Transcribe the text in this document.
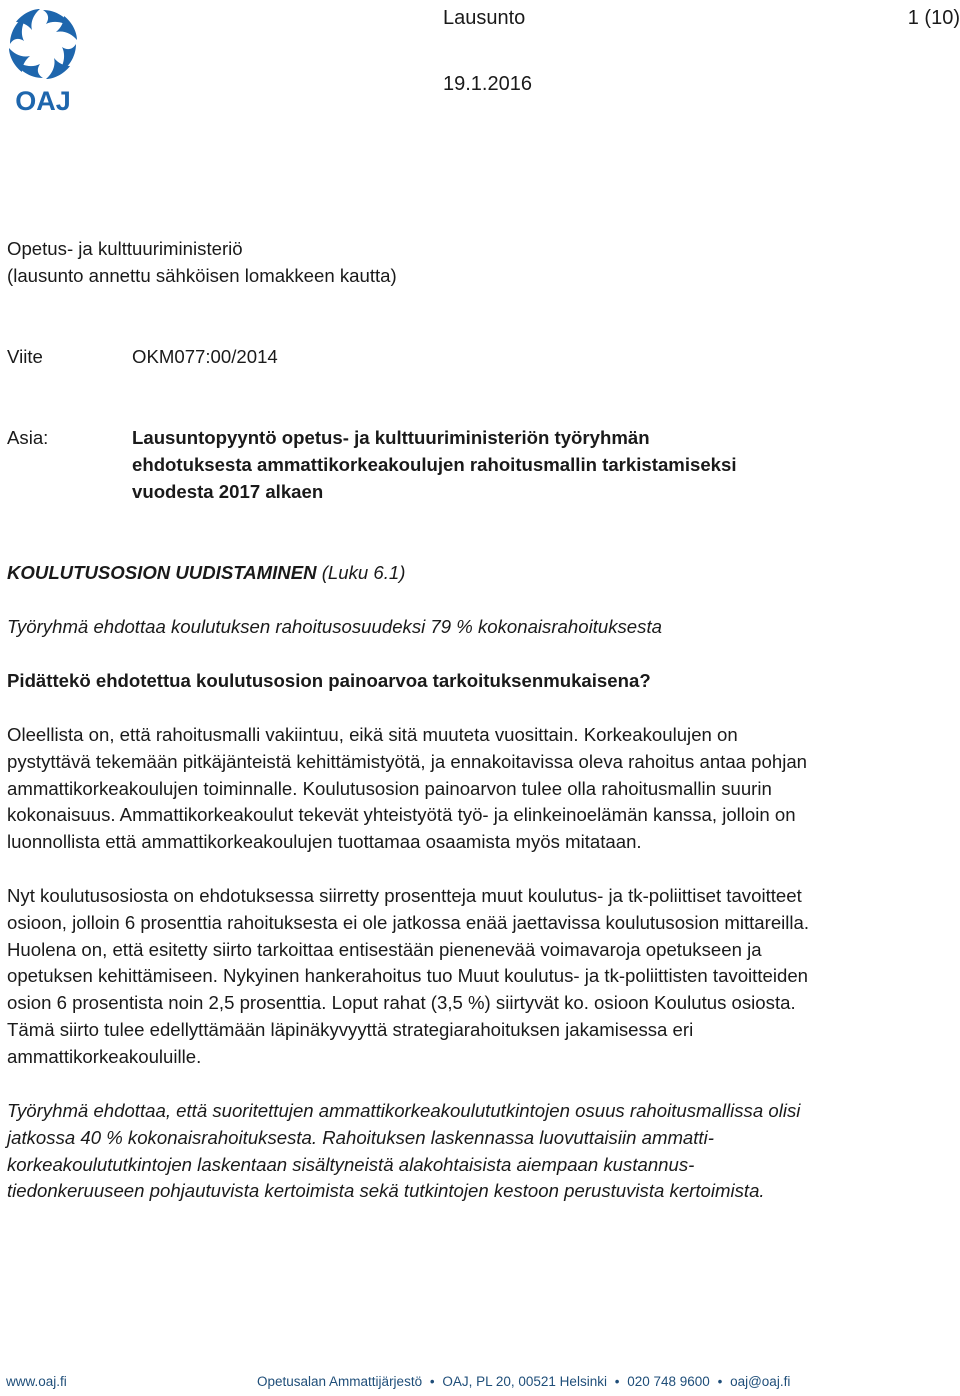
OAJ
Lausunto	1 (10)
19.1.2016
Opetus- ja kulttuuriministeriö
(lausunto annettu sähköisen lomakkeen kautta)
Viite	OKM077:00/2014
Asia:	Lausuntopyyntö opetus- ja kulttuuriministeriön työryhmän
ehdotuksesta ammattikorkeakoulujen rahoitusmallin tarkistamiseksi
vuodesta 2017 alkaen
KOULUTUSOSION UUDISTAMINEN (Luku 6.1)
Työryhmä ehdottaa koulutuksen rahoitusosuudeksi 79 % kokonaisrahoituksesta
Pidättekö ehdotettua koulutusosion painoarvoa tarkoituksenmukaisena?
Oleellista on, että rahoitusmalli vakiintuu, eikä sitä muuteta vuosittain. Korkeakoulujen on
pystyttävä tekemään pitkäjänteistä kehittämistyötä, ja ennakoitavissa oleva rahoitus antaa pohjan
ammattikorkeakoulujen toiminnalle. Koulutusosion painoarvon tulee olla rahoitusmallin suurin
kokonaisuus. Ammattikorkeakoulut tekevät yhteistyötä työ- ja elinkeinoelämän kanssa, jolloin on
luonnollista että ammattikorkeakoulujen tuottamaa osaamista myös mitataan.
Nyt koulutusosiosta on ehdotuksessa siirretty prosentteja muut koulutus- ja tk-poliittiset tavoitteet
osioon, jolloin 6 prosenttia rahoituksesta ei ole jatkossa enää jaettavissa koulutusosion mittareilla.
Huolena on, että esitetty siirto tarkoittaa entisestään pienenevää voimavaroja opetukseen ja
opetuksen kehittämiseen. Nykyinen hankerahoitus tuo Muut koulutus- ja tk-poliittisten tavoitteiden
osion 6 prosentista noin 2,5 prosenttia. Loput rahat (3,5 %) siirtyvät ko. osioon Koulutus osiosta.
Tämä siirto tulee edellyttämään läpinäkyvyyttä strategiarahoituksen jakamisessa eri
ammattikorkeakouluille.
Työryhmä ehdottaa, että suoritettujen ammattikorkeakoulututkintojen osuus rahoitusmallissa olisi
jatkossa 40 % kokonaisrahoituksesta. Rahoituksen laskennassa luovuttaisiin ammatti-
korkeakoulututkintojen laskentaan sisältyneistä alakohtaisista aiempaan kustannus-
tiedonkeruuseen pohjautuvista kertoimista sekä tutkintojen kestoon perustuvista kertoimista.
www.oaj.fi	Opetusalan Ammattijärjestö • OAJ, PL 20, 00521 Helsinki • 020 748 9600 • oaj@oaj.fi
